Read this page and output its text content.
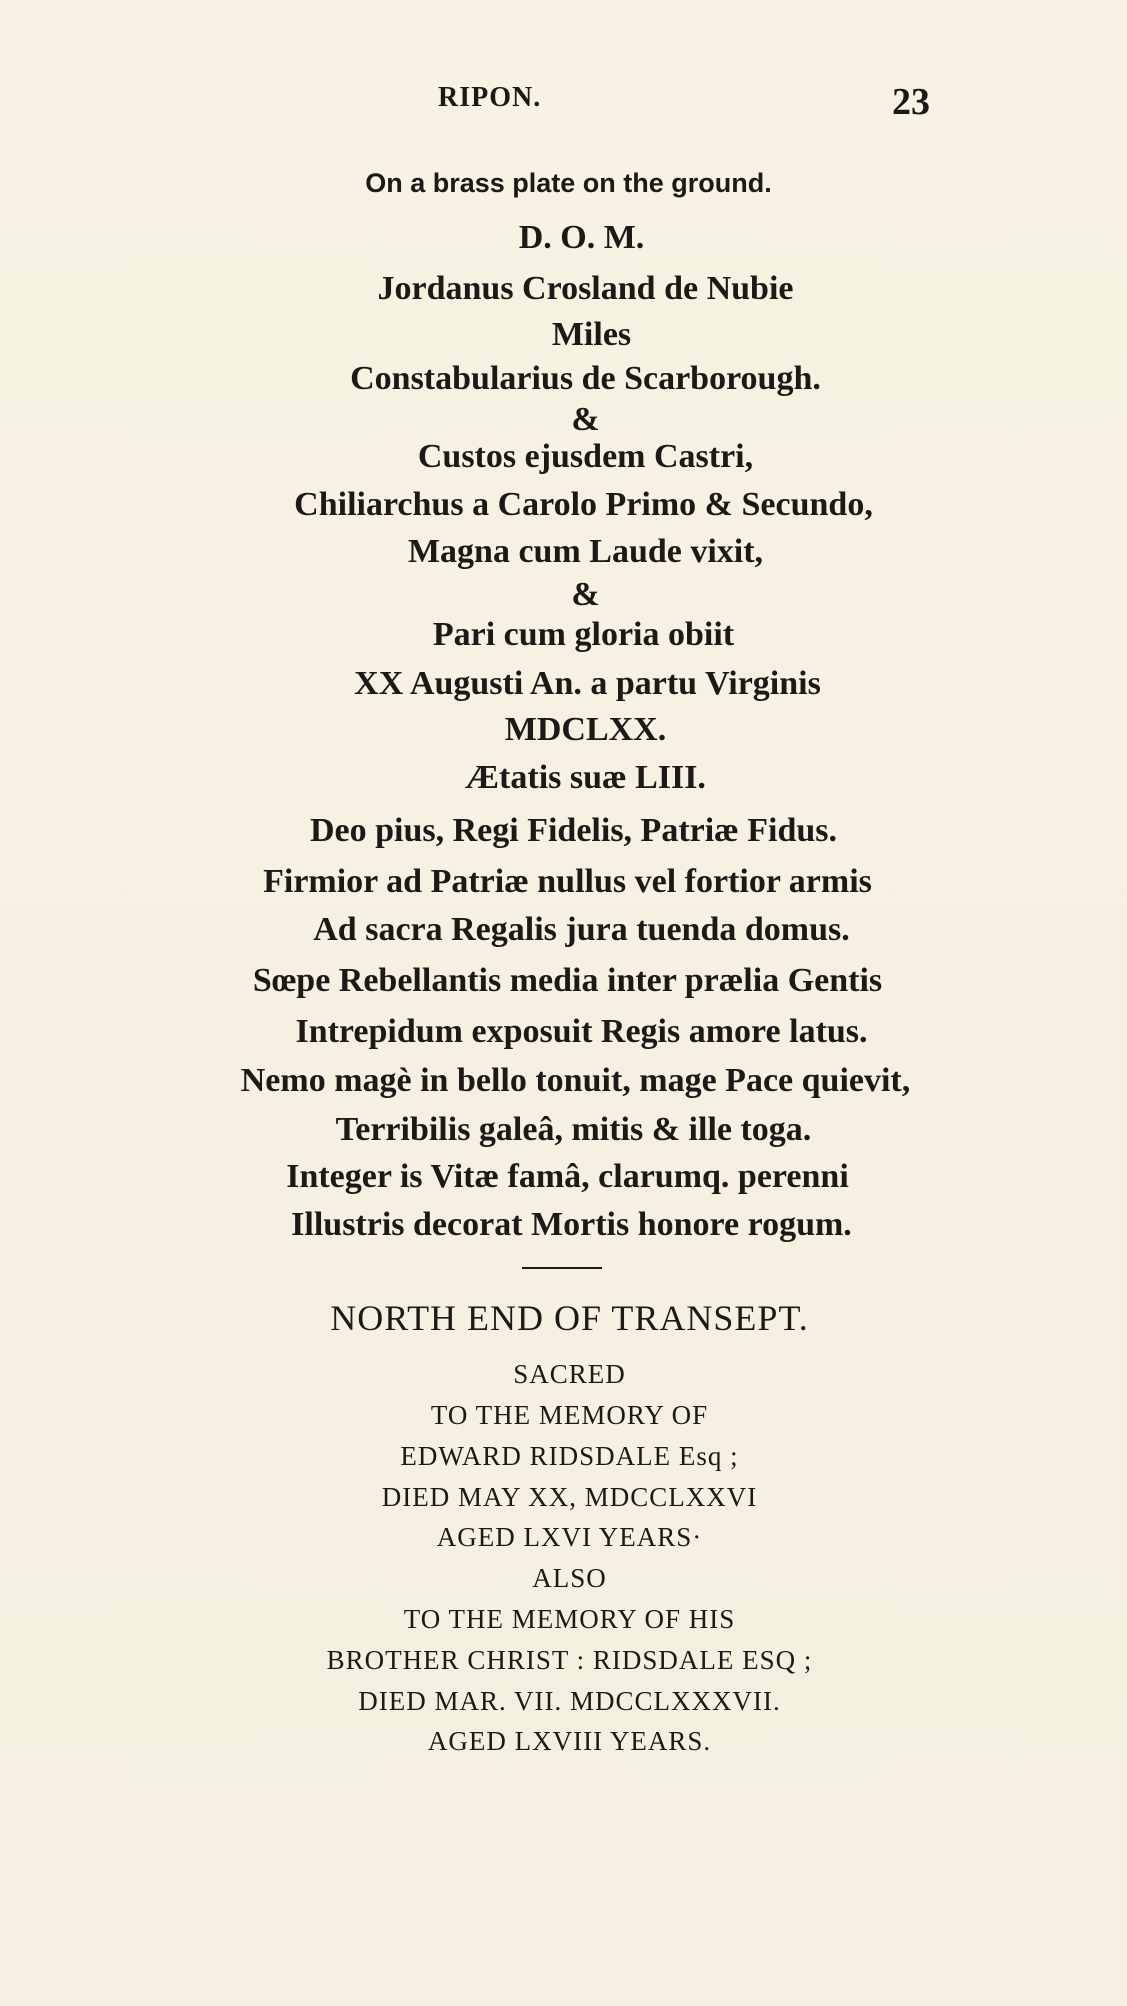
RIPON.	23
On a brass plate on the ground.
D. O. M.
Jordanus Crosland de Nubie
Miles
Constabularius de Scarborough.
&
Custos ejusdem Castri,
Chiliarchus a Carolo Primo & Secundo,
Magna cum Laude vixit,
&
Pari cum gloria obiit
XX Augusti An. a partu Virginis
MDCLXX.
Ætatis suæ LIII.
Deo pius, Regi Fidelis, Patriæ Fidus.
Firmior ad Patriæ nullus vel fortior armis
Ad sacra Regalis jura tuenda domus.
Sœpe Rebellantis media inter prælia Gentis
Intrepidum exposuit Regis amore latus.
Nemo magè in bello tonuit, mage Pace quievit,
Terribilis galeâ, mitis & ille toga.
Integer is Vitæ famâ, clarumq. perenni
Illustris decorat Mortis honore rogum.
NORTH END OF TRANSEPT.
SACRED
TO THE MEMORY OF
EDWARD RIDSDALE Esq ;
DIED MAY XX, MDCCLXXVI
AGED LXVI YEARS·
ALSO
TO THE MEMORY OF HIS
BROTHER CHRIST : RIDSDALE ESQ ;
DIED MAR. VII. MDCCLXXXVII.
AGED LXVIII YEARS.
